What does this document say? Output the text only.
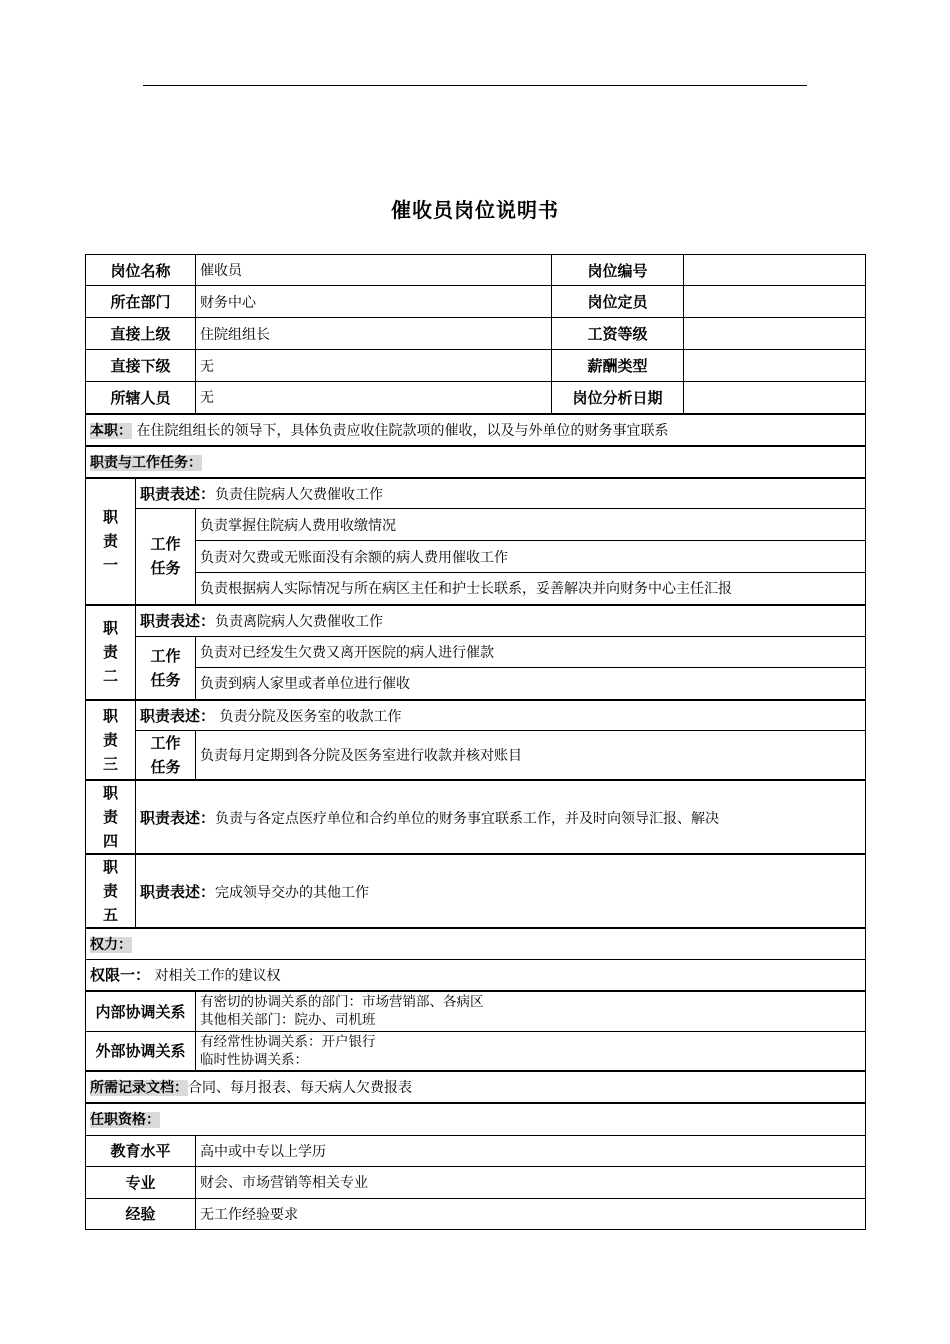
催收员岗位说明书
岗位名称		催收员	岗位编号	
所在部门		财务中心	岗位定员	
直接上级		住院组组长	工资等级	
直接下级		无	薪酬类型	
所辖人员		无	岗位分析日期	
本职： 在住院组组长的领导下，具体负责应收住院款项的催收，以及与外单位的财务事宜联系				
职责与工作任务：				

职
责
一	职责表述：负责住院病人欠费催收工作			
	工作
任务	负责掌握住院病人费用收缴情况		
		负责对欠费或无账面没有余额的病人费用催收工作		
		负责根据病人实际情况与所在病区主任和护士长联系，妥善解决并向财务中心主任汇报		

职
责
二	职责表述：负责离院病人欠费催收工作			
	工作
任务	负责对已经发生欠费又离开医院的病人进行催款		
		负责到病人家里或者单位进行催收		

职
责
三	职责表述： 负责分院及医务室的收款工作			
	工作
任务	负责每月定期到各分院及医务室进行收款并核对账目		

职
责
四	职责表述：负责与各定点医疗单位和合约单位的财务事宜联系工作，并及时向领导汇报、解决			

职
责
五	职责表述：完成领导交办的其他工作			
权力：				
权限一： 对相关工作的建议权				
内部协调关系		有密切的协调关系的部门：市场营销部、各病区
其他相关部门：院办、司机班		

外部协调关系		有经常性协调关系：开户银行
临时性协调关系：		

所需记录文档：合同、每月报表、每天病人欠费报表				
任职资格：				
教育水平		高中或中专以上学历		
专业		财会、市场营销等相关专业		
经验		无工作经验要求		
